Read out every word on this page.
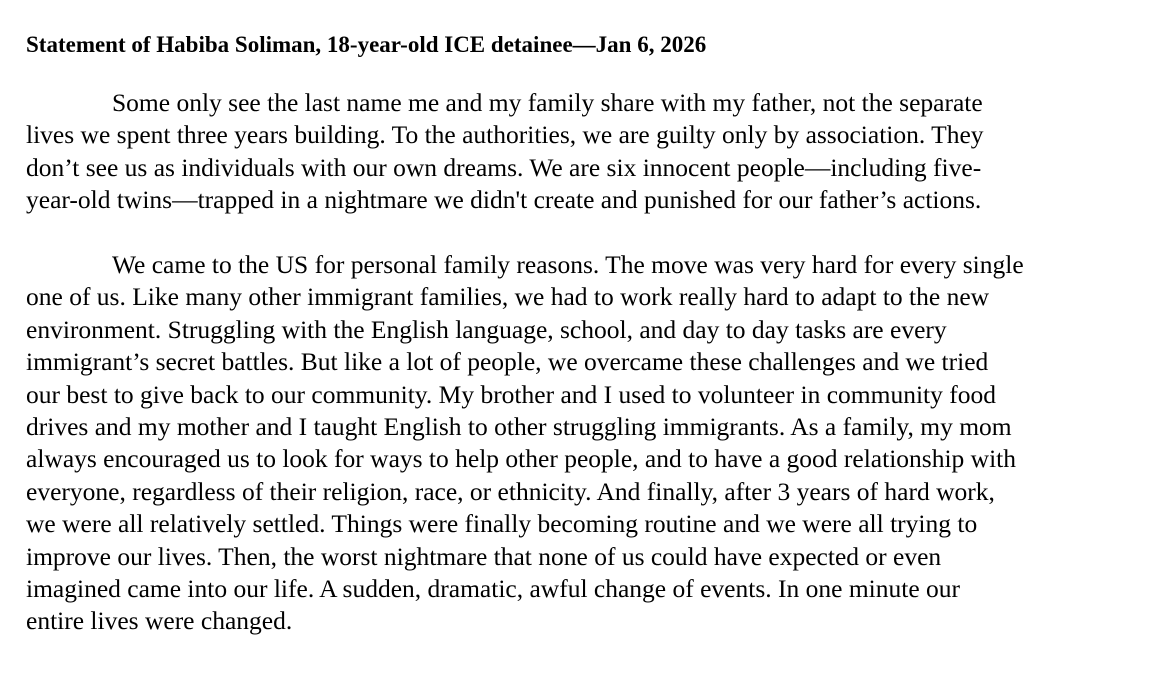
Statement of Habiba Soliman, 18-year-old ICE detainee—Jan 6, 2026

Some only see the last name me and my family share with my father, not the separate
lives we spent three years building. To the authorities, we are guilty only by association. They
don’t see us as individuals with our own dreams. We are six innocent people—including five-
year-old twins—trapped in a nightmare we didn't create and punished for our father’s actions.

We came to the US for personal family reasons. The move was very hard for every single
one of us. Like many other immigrant families, we had to work really hard to adapt to the new
environment. Struggling with the English language, school, and day to day tasks are every
immigrant’s secret battles. But like a lot of people, we overcame these challenges and we tried
our best to give back to our community. My brother and I used to volunteer in community food
drives and my mother and I taught English to other struggling immigrants. As a family, my mom
always encouraged us to look for ways to help other people, and to have a good relationship with
everyone, regardless of their religion, race, or ethnicity. And finally, after 3 years of hard work,
we were all relatively settled. Things were finally becoming routine and we were all trying to
improve our lives. Then, the worst nightmare that none of us could have expected or even
imagined came into our life. A sudden, dramatic, awful change of events. In one minute our
entire lives were changed.
